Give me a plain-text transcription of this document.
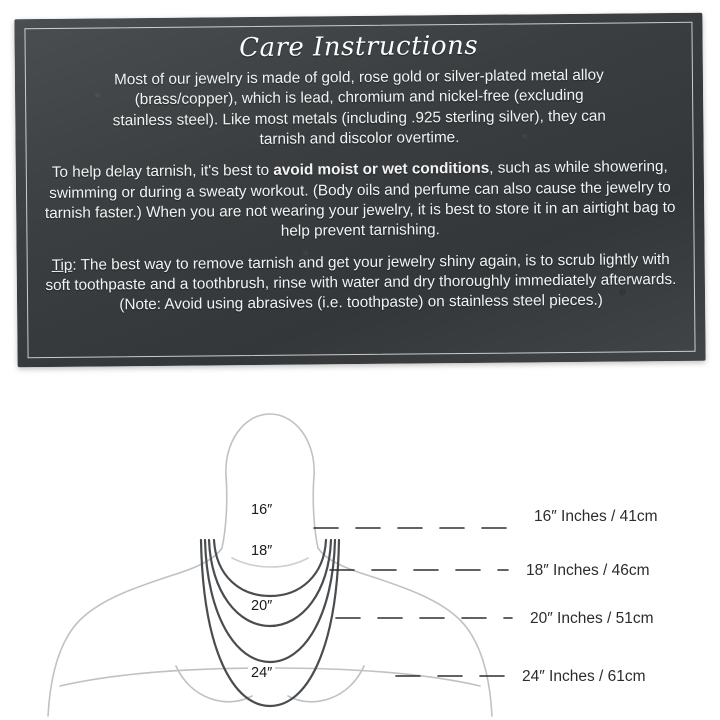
Care Instructions

Most of our jewelry is made of gold, rose gold or silver-plated metal alloy
(brass/copper), which is lead, chromium and nickel-free (excluding
stainless steel). Like most metals (including .925 sterling silver), they can
tarnish and discolor overtime.

To help delay tarnish, it's best to avoid moist or wet conditions, such as while showering, swimming or during a sweaty workout. (Body oils and perfume can also cause the jewelry to tarnish faster.) When you are not wearing your jewelry, it is best to store it in an airtight bag to help prevent tarnishing.

Tip: The best way to remove tarnish and get your jewelry shiny again, is to scrub lightly with soft toothpaste and a toothbrush, rinse with water and dry thoroughly immediately afterwards. (Note: Avoid using abrasives (i.e. toothpaste) on stainless steel pieces.)

16″
18″
20″
24″
16″ Inches / 41cm
18″ Inches / 46cm
20″ Inches / 51cm
24″ Inches / 61cm
